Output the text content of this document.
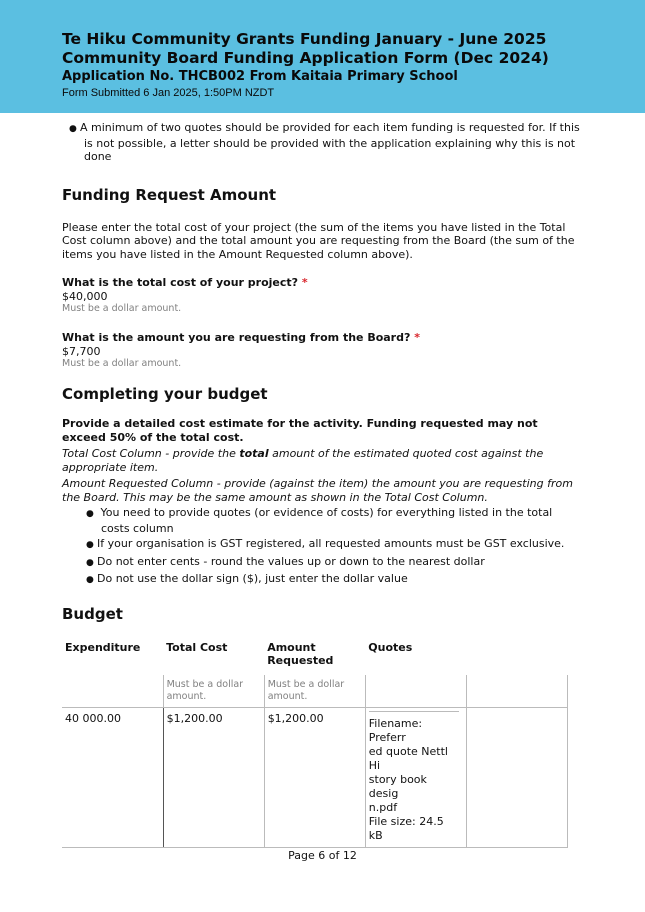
Te Hiku Community Grants Funding January - June 2025
Community Board Funding Application Form (Dec 2024)
Application No. THCB002 From Kaitaia Primary School
Form Submitted 6 Jan 2025, 1:50PM NZDT
● A minimum of two quotes should be provided for each item funding is requested for. If this is not possible, a letter should be provided with the application explaining why this is not done
Funding Request Amount
Please enter the total cost of your project (the sum of the items you have listed in the Total Cost column above) and the total amount you are requesting from the Board (the sum of the items you have listed in the Amount Requested column above).
What is the total cost of your project? *
$40,000
Must be a dollar amount.
What is the amount you are requesting from the Board? *
$7,700
Must be a dollar amount.
Completing your budget
Provide a detailed cost estimate for the activity. Funding requested may not exceed 50% of the total cost.
Total Cost Column - provide the total amount of the estimated quoted cost against the appropriate item.
Amount Requested Column - provide (against the item) the amount you are requesting from the Board. This may be the same amount as shown in the Total Cost Column.
● You need to provide quotes (or evidence of costs) for everything listed in the total costs column
● If your organisation is GST registered, all requested amounts must be GST exclusive.
● Do not enter cents - round the values up or down to the nearest dollar
● Do not use the dollar sign ($), just enter the dollar value
Budget
Expenditure	Total Cost	Amount Requested	Quotes	
	Must be a dollar amount.	Must be a dollar amount.		
40 000.00	$1,200.00	$1,200.00	Filename: Preferr
ed quote Nettl Hi
story book desig
n.pdf
File size: 24.5 kB	

Page 6 of 12
